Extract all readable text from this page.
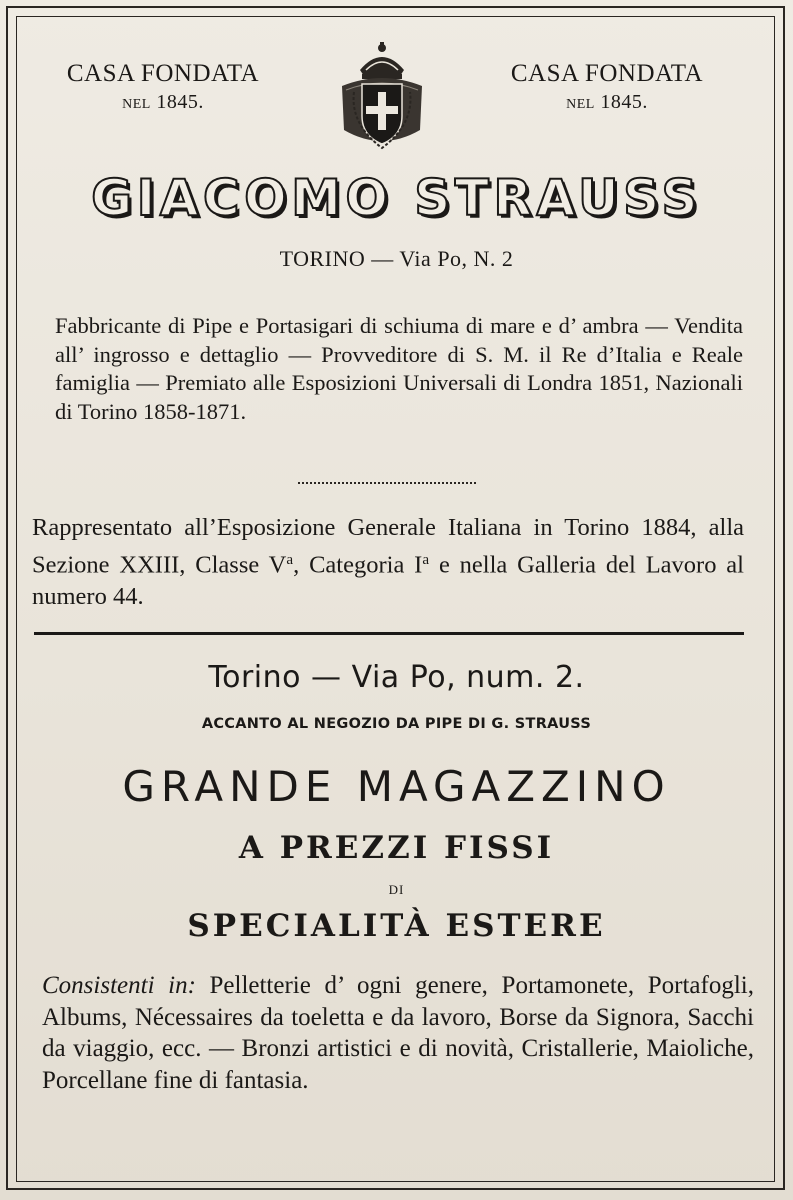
CASA FONDATA
NEL 1845.
CASA FONDATA
NEL 1845.
GIACOMO STRAUSS
TORINO — Via Po, N. 2
Fabbricante di Pipe e Portasigari di schiuma di mare e d’ ambra — Vendita all’ ingrosso e dettaglio — Provveditore di S. M. il Re d’Italia e Reale famiglia — Premiato alle Esposizioni Universali di Londra 1851, Nazionali di Torino 1858-1871.
Rappresentato all’Esposizione Generale Italiana in Torino 1884, alla Sezione XXIII, Classe $V^a$, Categoria $I^a$ e nella Galleria del Lavoro al numero 44.
Torino — Via Po, num. 2.
ACCANTO AL NEGOZIO DA PIPE DI G. STRAUSS
GRANDE MAGAZZINO
A PREZZI FISSI
DI
SPECIALITÀ ESTERE
Consistenti in: Pelletterie d’ ogni genere, Portamonete, Portafogli, Albums, Nécessaires da toeletta e da lavoro, Borse da Signora, Sacchi da viaggio, ecc. — Bronzi artistici e di novità, Cristallerie, Maioliche, Porcellane fine di fantasia.
